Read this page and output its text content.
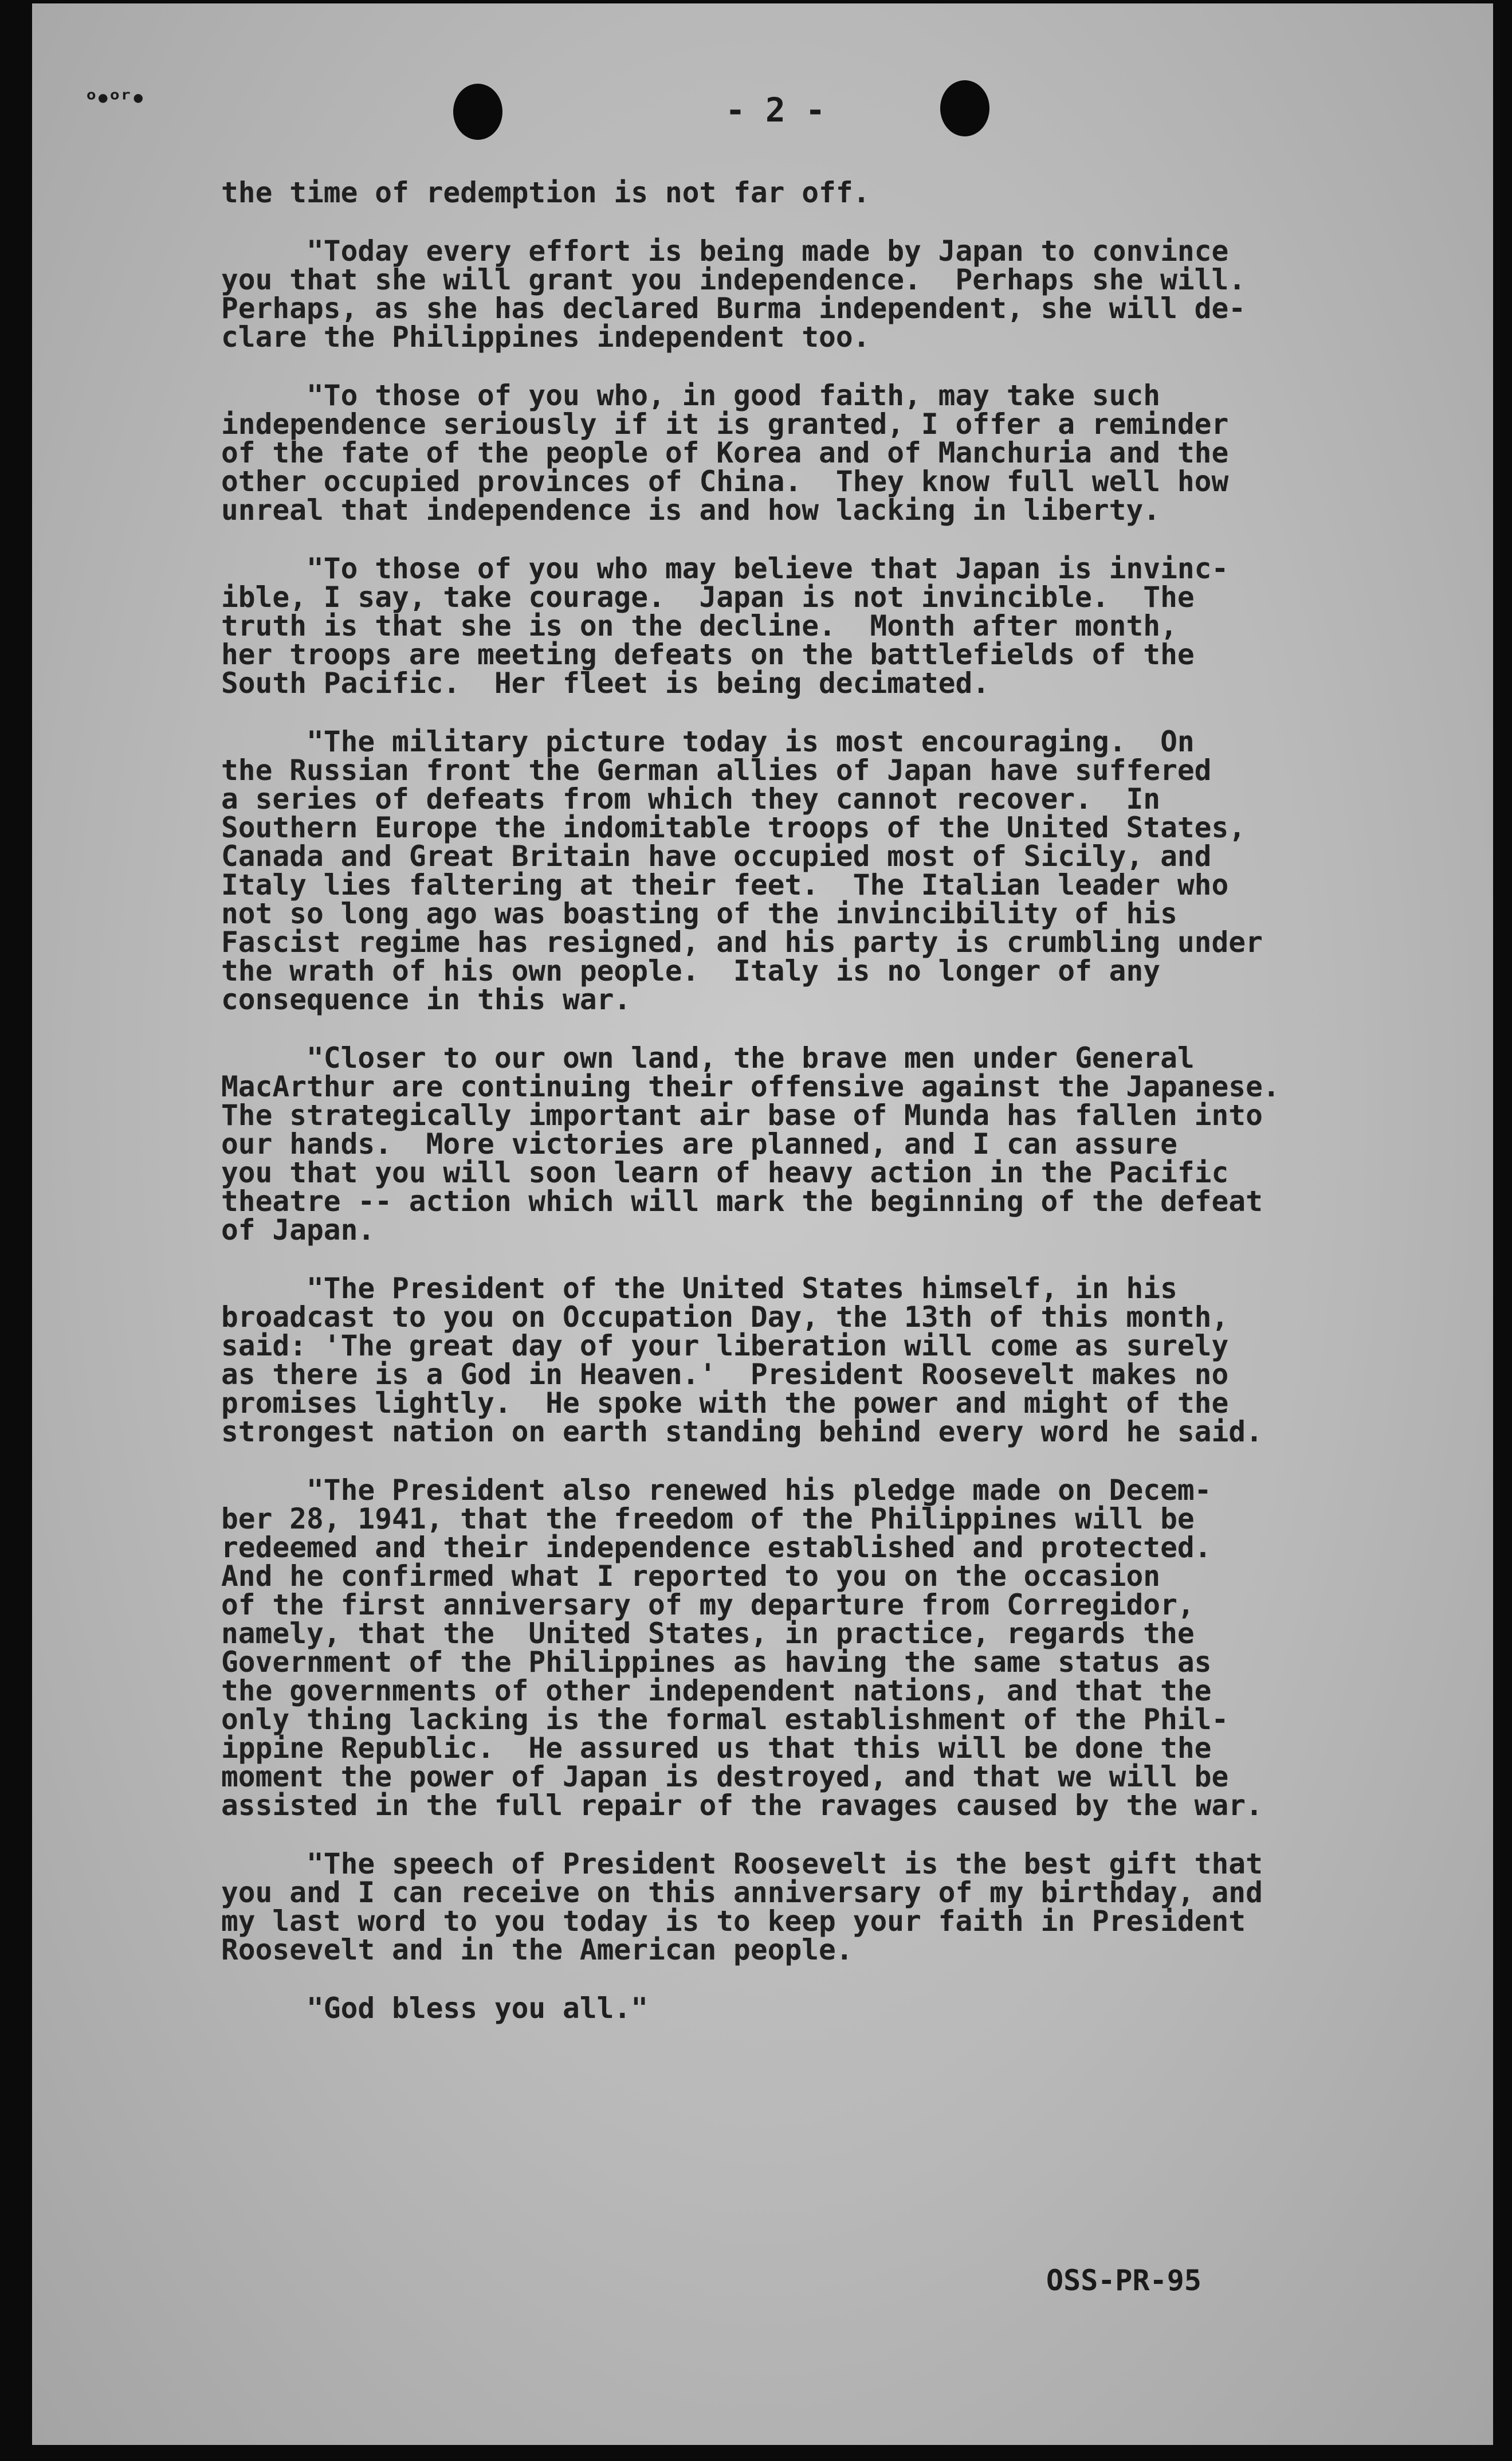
ᵒ•ᵒʳ•	- 2 -

the time of redemption is not far off.

"Today every effort is being made by Japan to convince
you that she will grant you independence.  Perhaps she will.
Perhaps, as she has declared Burma independent, she will de-
clare the Philippines independent too.

"To those of you who, in good faith, may take such
independence seriously if it is granted, I offer a reminder
of the fate of the people of Korea and of Manchuria and the
other occupied provinces of China.  They know full well how
unreal that independence is and how lacking in liberty.

"To those of you who may believe that Japan is invinc-
ible, I say, take courage.  Japan is not invincible.  The
truth is that she is on the decline.  Month after month,
her troops are meeting defeats on the battlefields of the
South Pacific.  Her fleet is being decimated.

"The military picture today is most encouraging.  On
the Russian front the German allies of Japan have suffered
a series of defeats from which they cannot recover.  In
Southern Europe the indomitable troops of the United States,
Canada and Great Britain have occupied most of Sicily, and
Italy lies faltering at their feet.  The Italian leader who
not so long ago was boasting of the invincibility of his
Fascist regime has resigned, and his party is crumbling under
the wrath of his own people.  Italy is no longer of any
consequence in this war.

"Closer to our own land, the brave men under General
MacArthur are continuing their offensive against the Japanese.
The strategically important air base of Munda has fallen into
our hands.  More victories are planned, and I can assure
you that you will soon learn of heavy action in the Pacific
theatre -- action which will mark the beginning of the defeat
of Japan.

"The President of the United States himself, in his
broadcast to you on Occupation Day, the 13th of this month,
said: 'The great day of your liberation will come as surely
as there is a God in Heaven.'  President Roosevelt makes no
promises lightly.  He spoke with the power and might of the
strongest nation on earth standing behind every word he said.

"The President also renewed his pledge made on Decem-
ber 28, 1941, that the freedom of the Philippines will be
redeemed and their independence established and protected.
And he confirmed what I reported to you on the occasion
of the first anniversary of my departure from Corregidor,
namely, that the  United States, in practice, regards the
Government of the Philippines as having the same status as
the governments of other independent nations, and that the
only thing lacking is the formal establishment of the Phil-
ippine Republic.  He assured us that this will be done the
moment the power of Japan is destroyed, and that we will be
assisted in the full repair of the ravages caused by the war.

"The speech of President Roosevelt is the best gift that
you and I can receive on this anniversary of my birthday, and
my last word to you today is to keep your faith in President
Roosevelt and in the American people.

"God bless you all."

OSS-PR-95
